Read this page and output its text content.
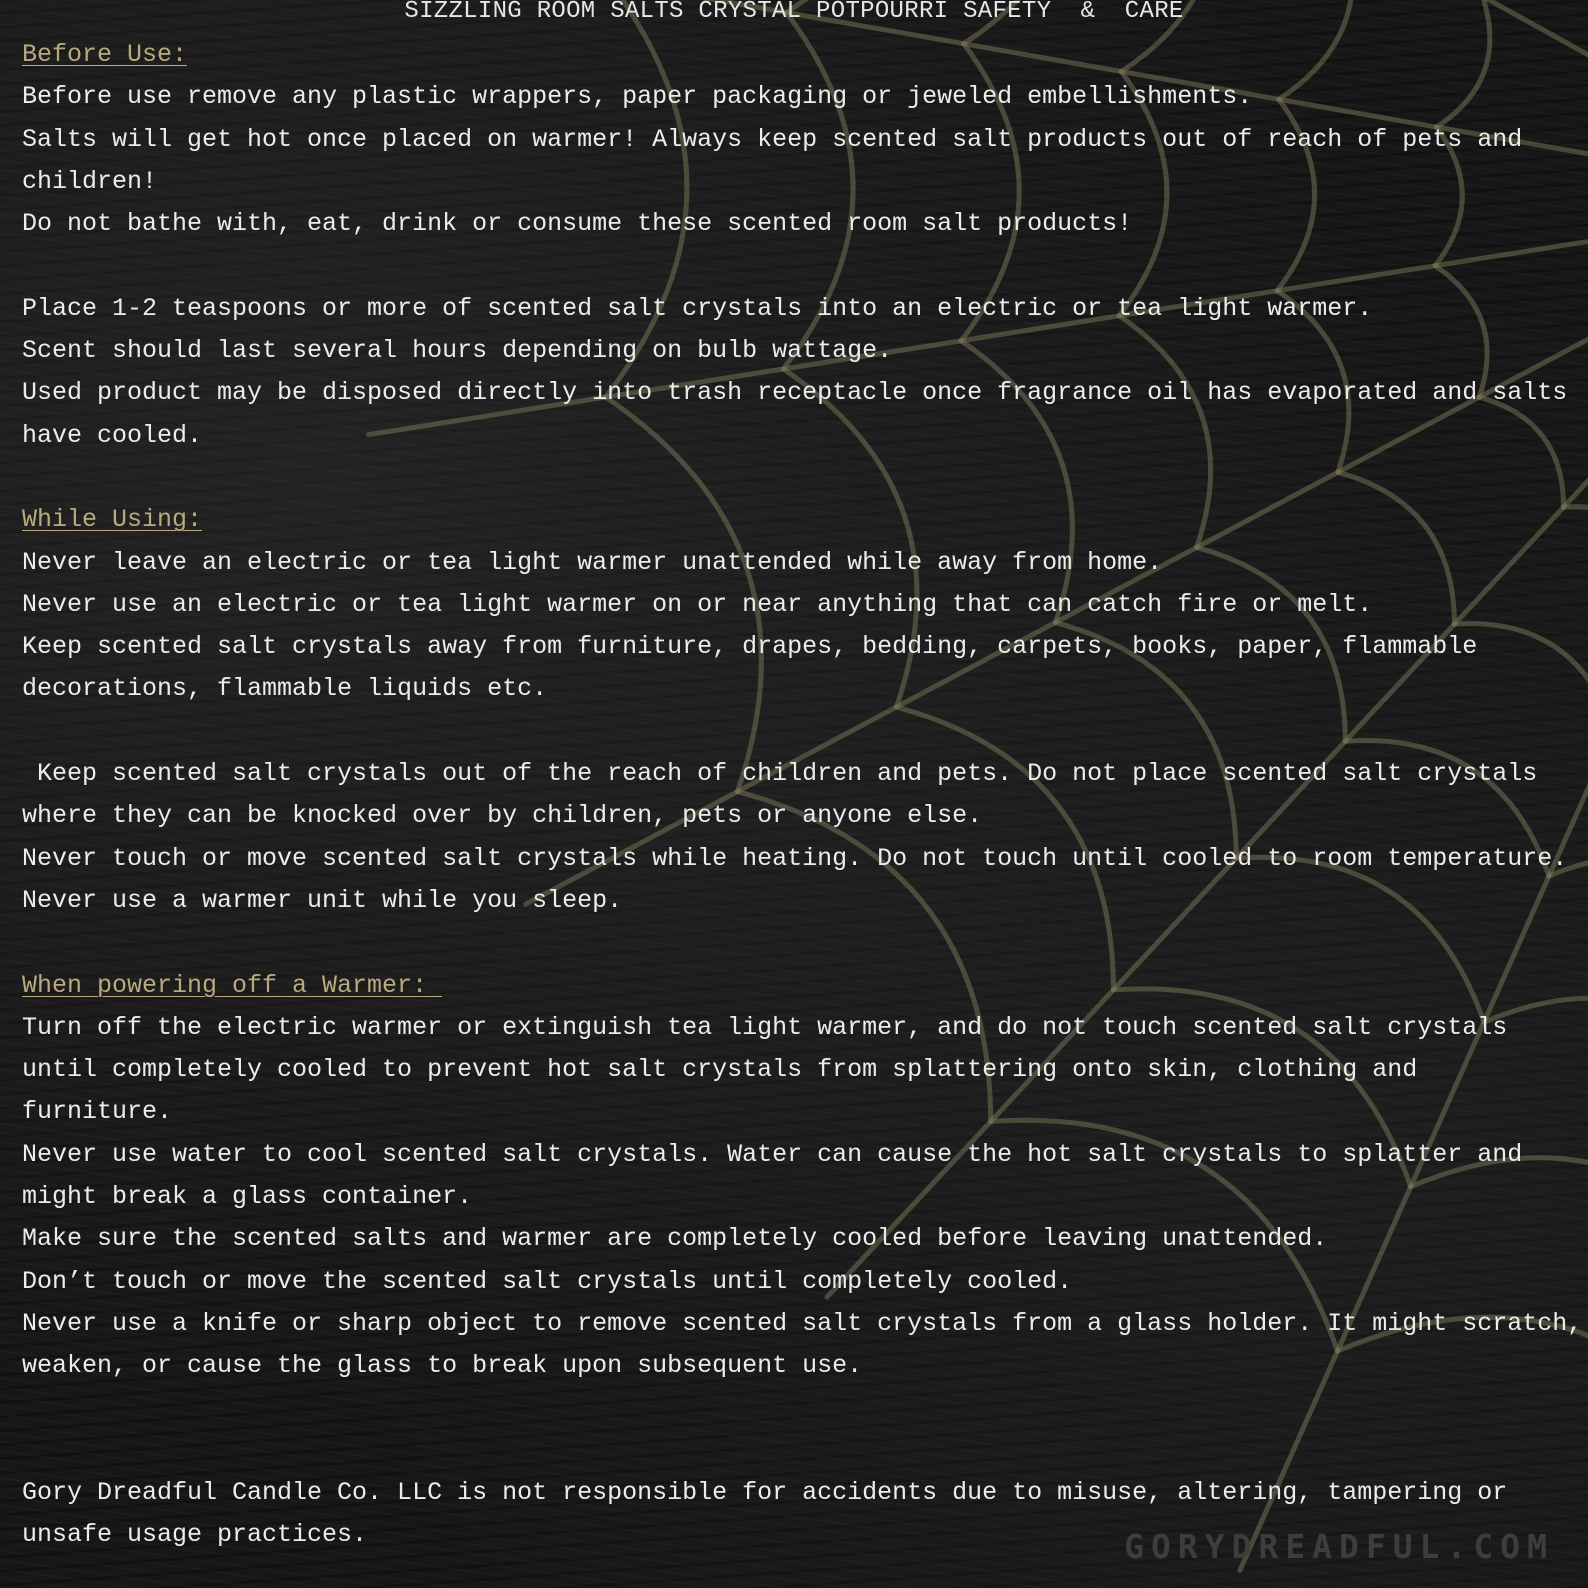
SIZZLING ROOM SALTS CRYSTAL POTPOURRI SAFETY  &  CARE
Before Use:
Before use remove any plastic wrappers, paper packaging or jeweled embellishments.
Salts will get hot once placed on warmer! Always keep scented salt products out of reach of pets and
children!
Do not bathe with, eat, drink or consume these scented room salt products!
Place 1-2 teaspoons or more of scented salt crystals into an electric or tea light warmer.
Scent should last several hours depending on bulb wattage.
Used product may be disposed directly into trash receptacle once fragrance oil has evaporated and salts
have cooled.
While Using:
Never leave an electric or tea light warmer unattended while away from home.
Never use an electric or tea light warmer on or near anything that can catch fire or melt.
Keep scented salt crystals away from furniture, drapes, bedding, carpets, books, paper, flammable
decorations, flammable liquids etc.
Keep scented salt crystals out of the reach of children and pets. Do not place scented salt crystals
where they can be knocked over by children, pets or anyone else.
Never touch or move scented salt crystals while heating. Do not touch until cooled to room temperature.
Never use a warmer unit while you sleep.
When powering off a Warmer:
Turn off the electric warmer or extinguish tea light warmer, and do not touch scented salt crystals
until completely cooled to prevent hot salt crystals from splattering onto skin, clothing and
furniture.
Never use water to cool scented salt crystals. Water can cause the hot salt crystals to splatter and
might break a glass container.
Make sure the scented salts and warmer are completely cooled before leaving unattended.
Don’t touch or move the scented salt crystals until completely cooled.
Never use a knife or sharp object to remove scented salt crystals from a glass holder. It might scratch,
weaken, or cause the glass to break upon subsequent use.
Gory Dreadful Candle Co. LLC is not responsible for accidents due to misuse, altering, tampering or
unsafe usage practices.	GORYDREADFUL.COM
